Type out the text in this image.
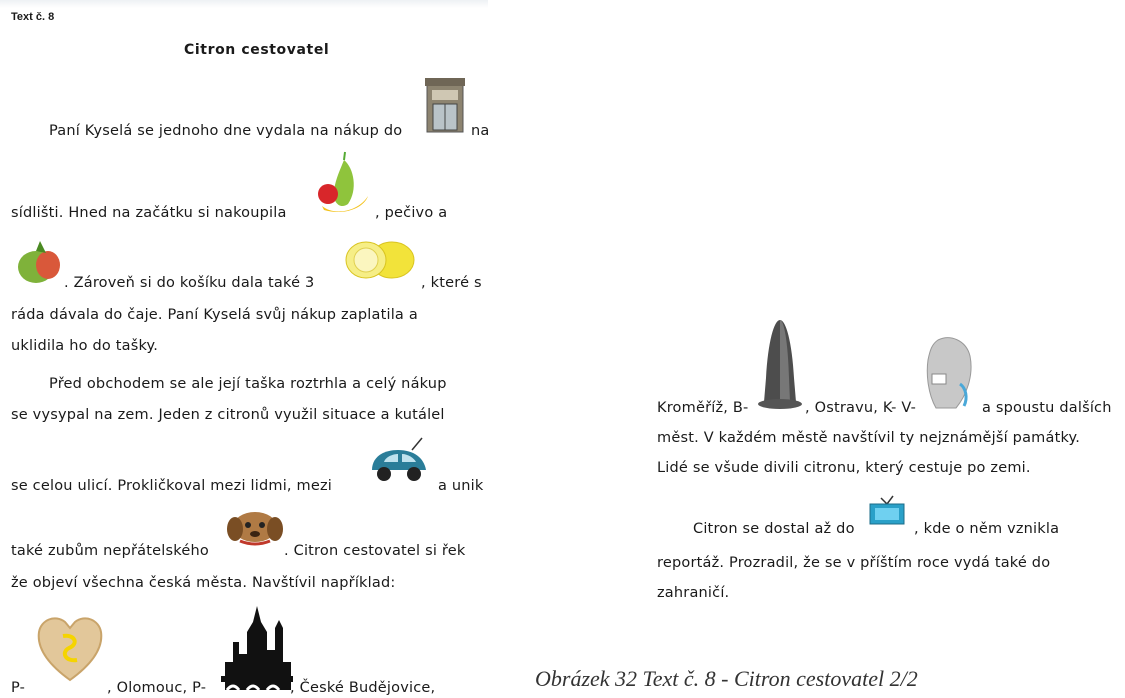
Text č. 8
Citron cestovatel
Paní Kyselá se jednoho dne vydala na nákup do	na
sídlišti. Hned na začátku si nakoupila	, pečivo a
. Zároveň si do košíku dala také 3	, které s
ráda dávala do čaje. Paní Kyselá svůj nákup zaplatila a
uklidila ho do tašky.
Před obchodem se ale její taška roztrhla a celý nákup
se vysypal na zem. Jeden z citronů využil situace a kutálel
se celou ulicí. Prokličkoval mezi lidmi, mezi	a unik
také zubům nepřátelského	. Citron cestovatel si řek
že objeví všechna česká města. Navštívil například:
P-	, Olomouc, P-	, České Budějovice,
Kroměříž, B-	, Ostravu, K- V-	a spoustu dalších
měst. V každém městě navštívil ty nejznámější památky.
Lidé se všude divili citronu, který cestuje po zemi.
Citron se dostal až do	, kde o něm vznikla
reportáž. Prozradil, že se v příštím roce vydá také do
zahraničí.
Obrázek 32 Text č. 8 - Citron cestovatel 2/2
